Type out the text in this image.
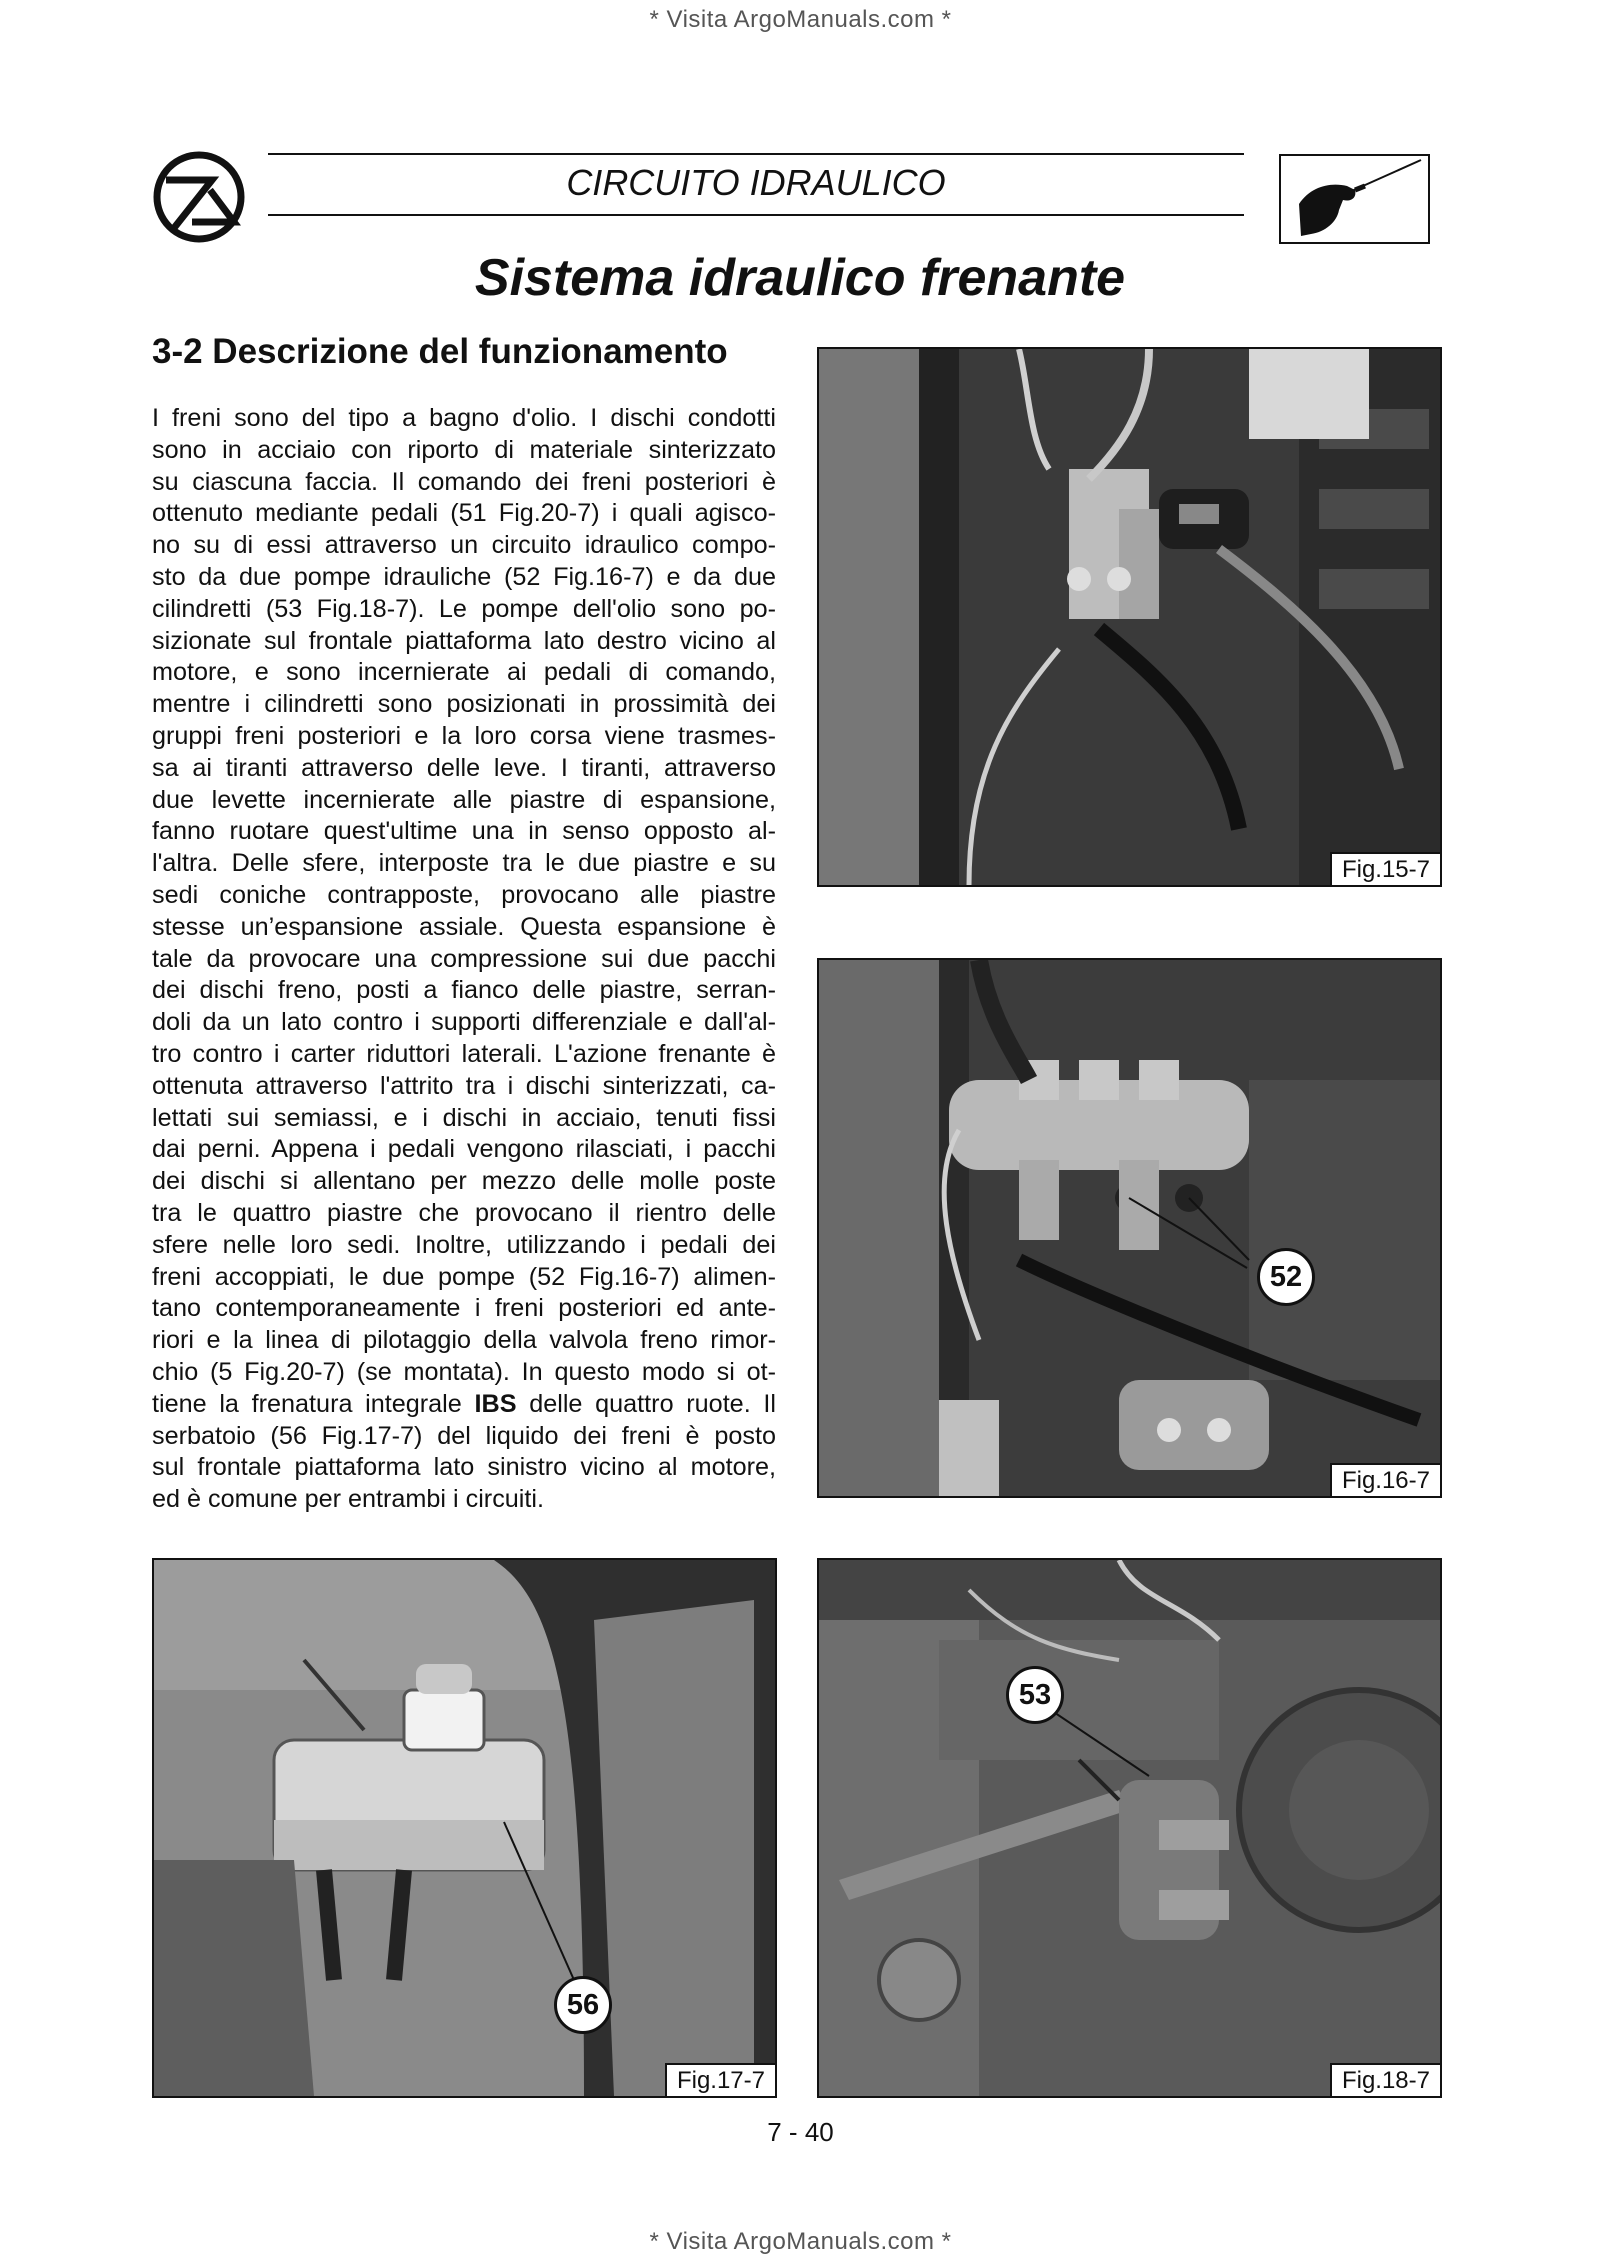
* Visita ArgoManuals.com *
CIRCUITO IDRAULICO
Sistema idraulico frenante
3-2 Descrizione del funzionamento
I freni sono del tipo a bagno d'olio. I dischi condotti
sono in acciaio con riporto di materiale sinterizzato
su ciascuna faccia. Il comando dei freni posteriori è
ottenuto mediante pedali (51 Fig.20-7) i quali agisco-
no su di essi attraverso un circuito idraulico compo-
sto da due pompe idrauliche (52 Fig.16-7) e da due
cilindretti (53 Fig.18-7). Le pompe dell'olio sono po-
sizionate sul frontale piattaforma lato destro vicino al
motore, e sono incernierate ai pedali di comando,
mentre i cilindretti sono posizionati in prossimità dei
gruppi freni posteriori e la loro corsa viene trasmes-
sa ai tiranti attraverso delle leve. I tiranti, attraverso
due levette incernierate alle piastre di espansione,
fanno ruotare quest'ultime una in senso opposto al-
l'altra. Delle sfere, interposte tra le due piastre e su
sedi coniche contrapposte, provocano alle piastre
stesse un’espansione assiale. Questa espansione è
tale da provocare una compressione sui due pacchi
dei dischi freno, posti a fianco delle piastre, serran-
doli da un lato contro i supporti differenziale e dall'al-
tro contro i carter riduttori laterali. L'azione frenante è
ottenuta attraverso l'attrito tra i dischi sinterizzati, ca-
lettati sui semiassi, e i dischi in acciaio, tenuti fissi
dai perni. Appena i pedali vengono rilasciati, i pacchi
dei dischi si allentano per mezzo delle molle poste
tra le quattro piastre che provocano il rientro delle
sfere nelle loro sedi. Inoltre, utilizzando i pedali dei
freni accoppiati, le due pompe (52 Fig.16-7) alimen-
tano contemporaneamente i freni posteriori ed ante-
riori e la linea di pilotaggio della valvola freno rimor-
chio (5 Fig.20-7) (se montata). In questo modo si ot-
tiene la frenatura integrale IBS delle quattro ruote. Il
serbatoio (56 Fig.17-7) del liquido dei freni è posto
sul frontale piattaforma lato sinistro vicino al motore,
ed è comune per entrambi i circuiti.
Fig.15-7
52
Fig.16-7
56
Fig.17-7
53
Fig.18-7
7 - 40
* Visita ArgoManuals.com *
